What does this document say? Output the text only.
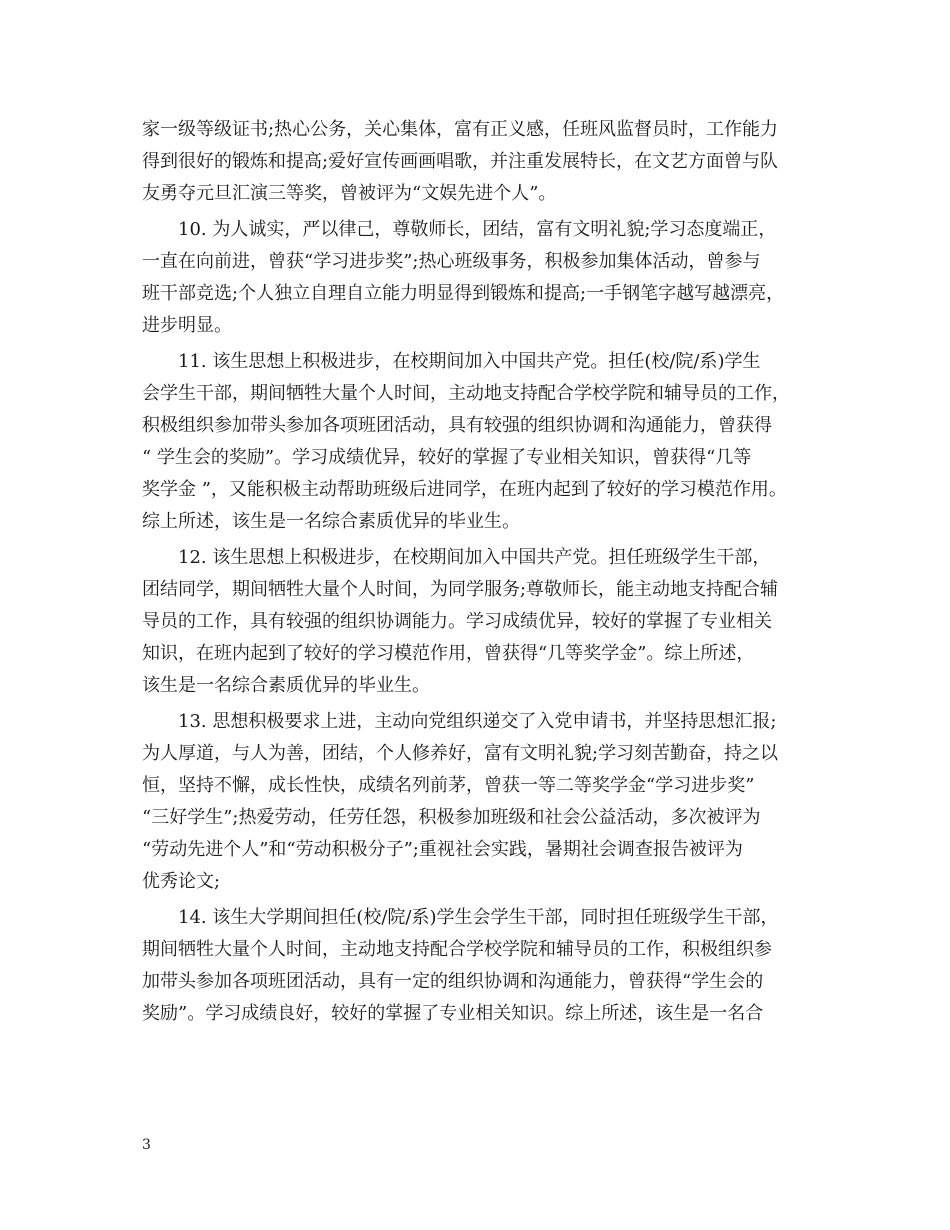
家一级等级证书;热心公务，关心集体，富有正义感，任班风监督员时，工作能力
得到很好的锻炼和提高;爱好宣传画画唱歌，并注重发展特长，在文艺方面曾与队
友勇夺元旦汇演三等奖，曾被评为“文娱先进个人”。

10. 为人诚实，严以律己，尊敬师长，团结，富有文明礼貌;学习态度端正，
一直在向前进，曾获“学习进步奖”;热心班级事务，积极参加集体活动，曾参与
班干部竞选;个人独立自理自立能力明显得到锻炼和提高;一手钢笔字越写越漂亮，
进步明显。

11. 该生思想上积极进步，在校期间加入中国共产党。担任(校/院/系)学生
会学生干部，期间牺牲大量个人时间，主动地支持配合学校学院和辅导员的工作，
积极组织参加带头参加各项班团活动，具有较强的组织协调和沟通能力，曾获得
“ 学生会的奖励”。学习成绩优异，较好的掌握了专业相关知识，曾获得“几等
奖学金 ”，又能积极主动帮助班级后进同学，在班内起到了较好的学习模范作用。
综上所述，该生是一名综合素质优异的毕业生。

12. 该生思想上积极进步，在校期间加入中国共产党。担任班级学生干部，
团结同学，期间牺牲大量个人时间，为同学服务;尊敬师长，能主动地支持配合辅
导员的工作，具有较强的组织协调能力。学习成绩优异，较好的掌握了专业相关
知识，在班内起到了较好的学习模范作用，曾获得“几等奖学金”。综上所述，
该生是一名综合素质优异的毕业生。

13. 思想积极要求上进，主动向党组织递交了入党申请书，并坚持思想汇报;
为人厚道，与人为善，团结，个人修养好，富有文明礼貌;学习刻苦勤奋，持之以
恒，坚持不懈，成长性快，成绩名列前茅，曾获一等二等奖学金“学习进步奖”
“三好学生”;热爱劳动，任劳任怨，积极参加班级和社会公益活动，多次被评为
“劳动先进个人”和“劳动积极分子”;重视社会实践，暑期社会调查报告被评为
优秀论文;

14. 该生大学期间担任(校/院/系)学生会学生干部，同时担任班级学生干部，
期间牺牲大量个人时间，主动地支持配合学校学院和辅导员的工作，积极组织参
加带头参加各项班团活动，具有一定的组织协调和沟通能力，曾获得“学生会的
奖励”。学习成绩良好，较好的掌握了专业相关知识。综上所述，该生是一名合

3
